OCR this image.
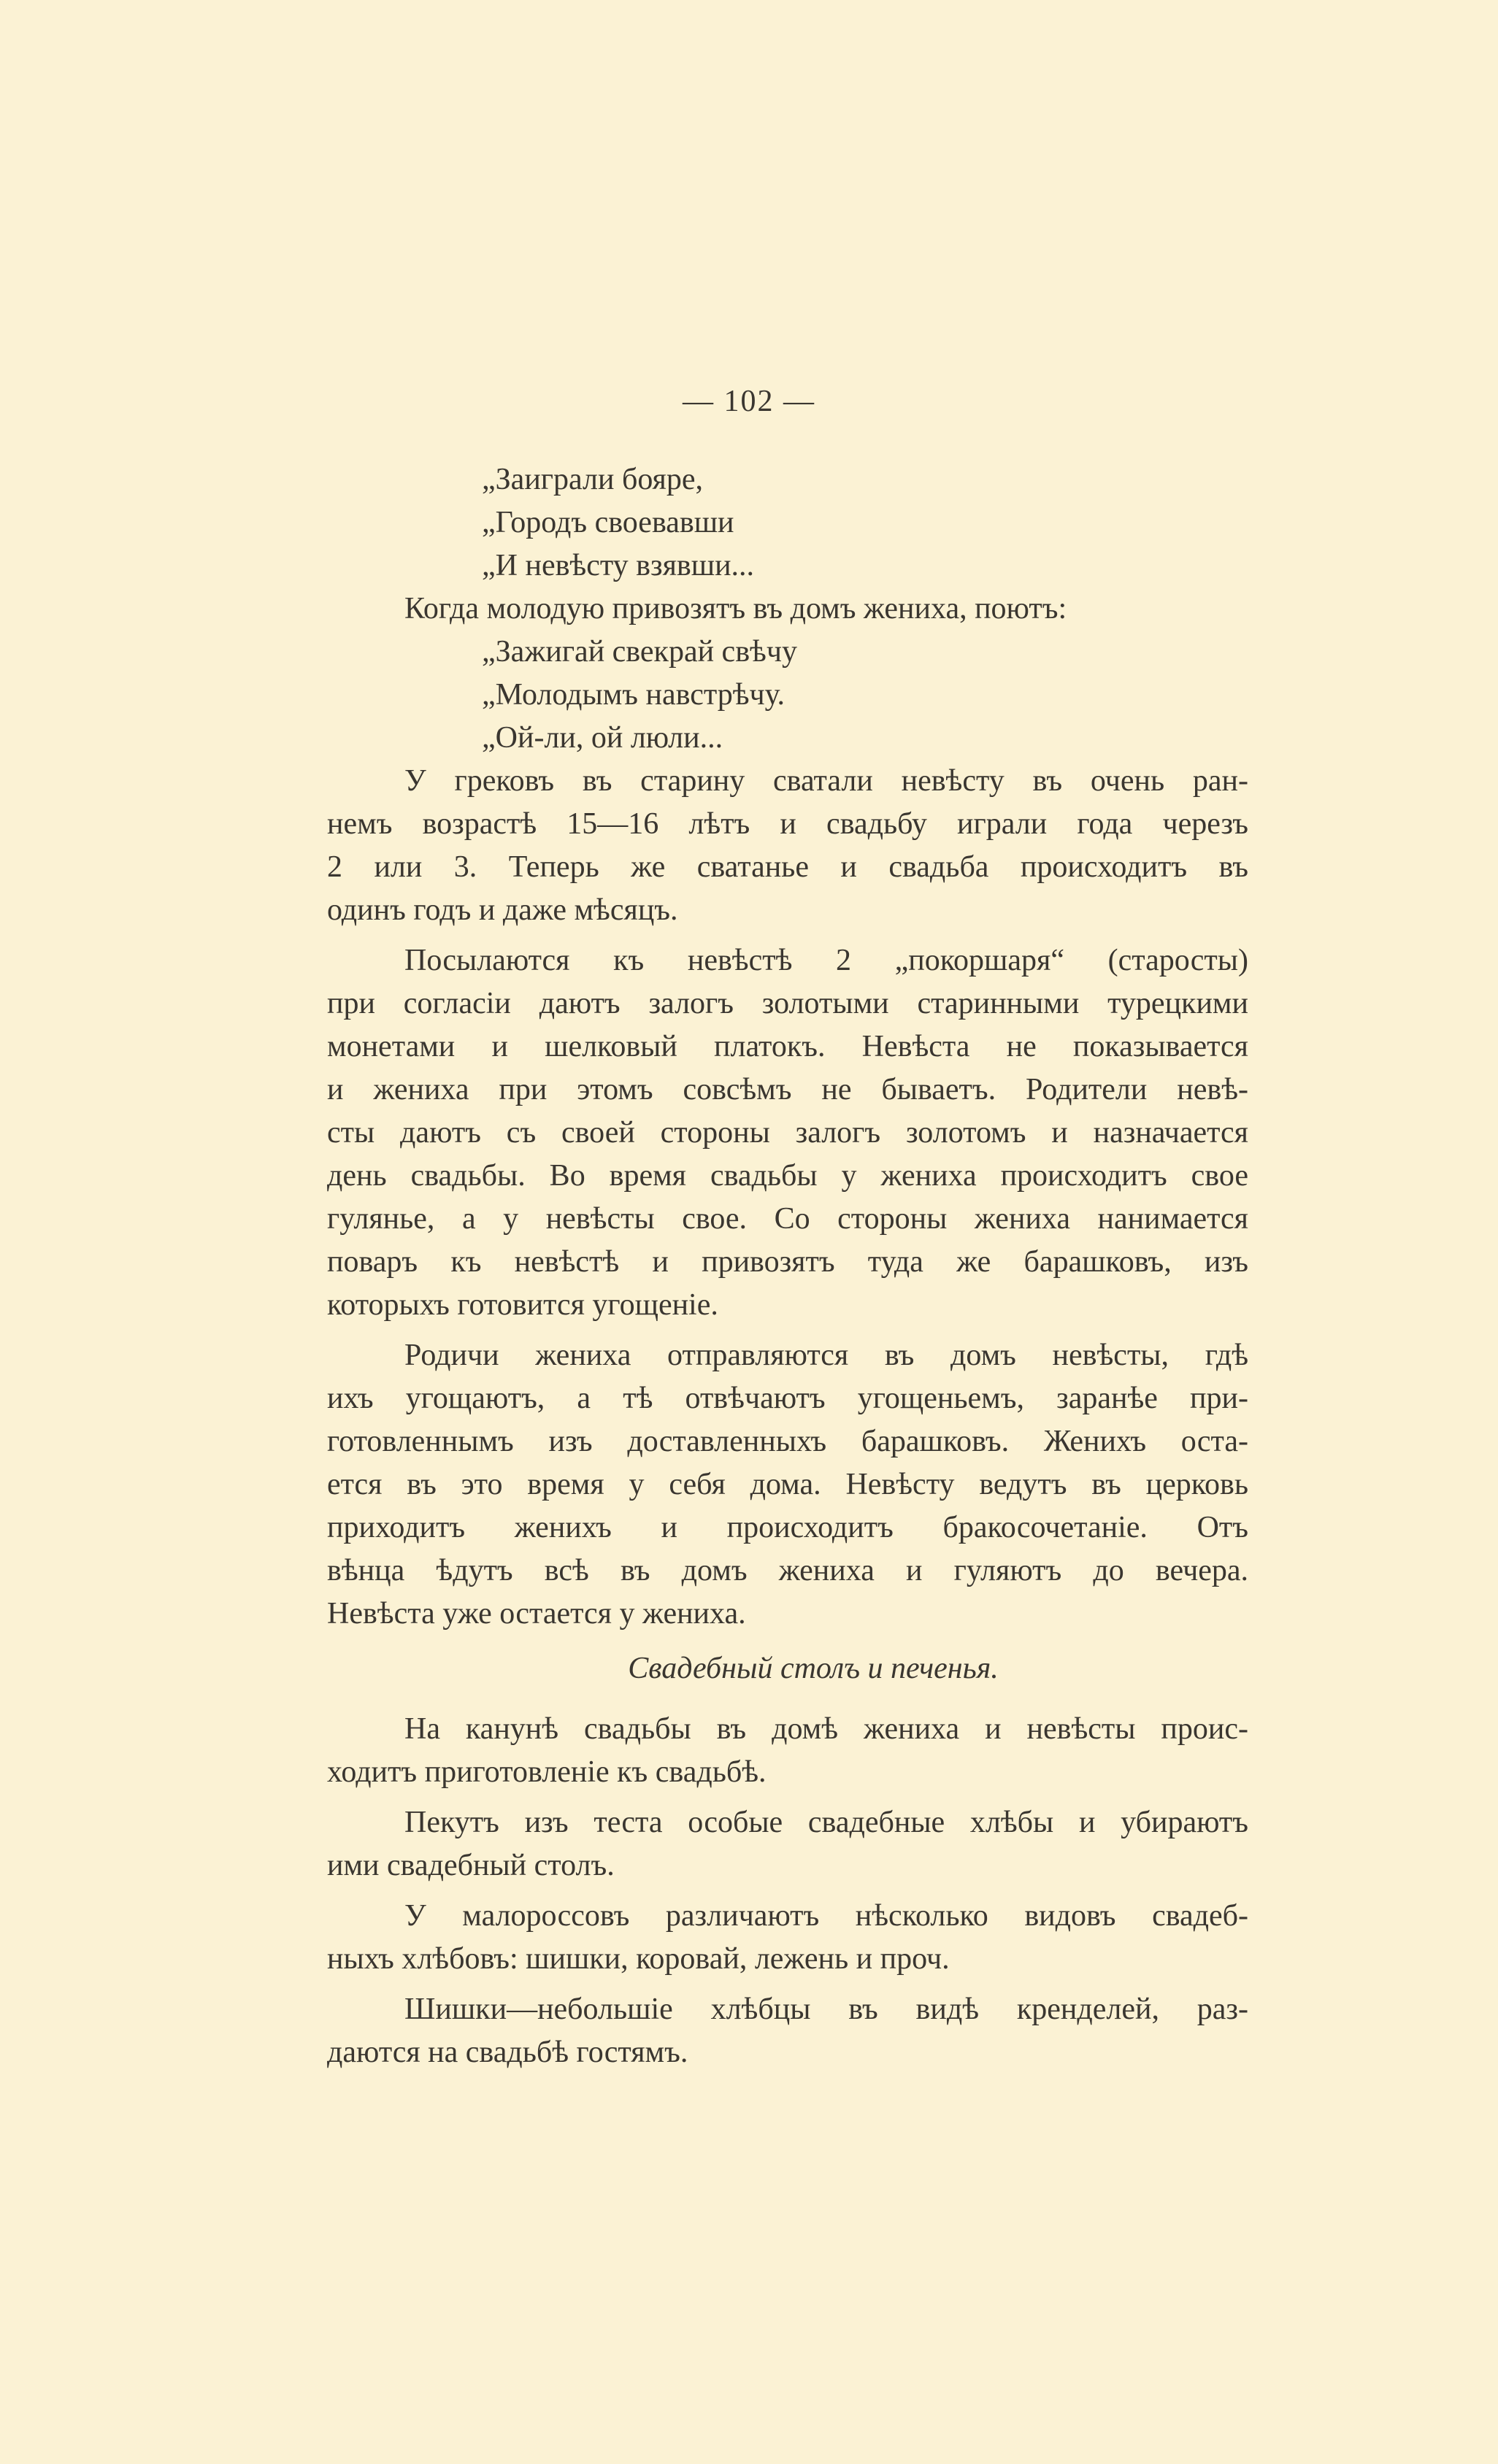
— 102 —
„Заиграли бояре,
„Городъ своевавши
„И невѣсту взявши...
Когда молодую привозятъ въ домъ жениха, поютъ:
„Зажигай свекрай свѣчу
„Молодымъ навстрѣчу.
„Ой-ли, ой люли...
У грековъ въ старину сватали невѣсту въ очень ран-
немъ возрастѣ 15—16 лѣтъ и свадьбу играли года черезъ
2 или 3. Теперь же сватанье и свадьба происходитъ въ
одинъ годъ и даже мѣсяцъ.
Посылаются къ невѣстѣ 2 „покоршаря“ (старосты)
при согласіи даютъ залогъ золотыми старинными турецкими
монетами и шелковый платокъ. Невѣста не показывается
и жениха при этомъ совсѣмъ не бываетъ. Родители невѣ-
сты даютъ съ своей стороны залогъ золотомъ и назначается
день свадьбы. Во время свадьбы у жениха происходитъ свое
гулянье, а у невѣсты свое. Со стороны жениха нанимается
поваръ къ невѣстѣ и привозятъ туда же барашковъ, изъ
которыхъ готовится угощеніе.
Родичи жениха отправляются въ домъ невѣсты, гдѣ
ихъ угощаютъ, а тѣ отвѣчаютъ угощеньемъ, заранѣе при-
готовленнымъ изъ доставленныхъ барашковъ. Женихъ оста-
ется въ это время у себя дома. Невѣсту ведутъ въ церковь
приходитъ женихъ и происходитъ бракосочетаніе. Отъ
вѣнца ѣдутъ всѣ въ домъ жениха и гуляютъ до вечера.
Невѣста уже остается у жениха.
Свадебный столъ и печенья.
На канунѣ свадьбы въ домѣ жениха и невѣсты проис-
ходитъ приготовленіе къ свадьбѣ.
Пекутъ изъ теста особые свадебные хлѣбы и убираютъ
ими свадебный столъ.
У малороссовъ различаютъ нѣсколько видовъ свадеб-
ныхъ хлѣбовъ: шишки, коровай, лежень и проч.
Шишки—небольшіе хлѣбцы въ видѣ кренделей, раз-
даются на свадьбѣ гостямъ.
